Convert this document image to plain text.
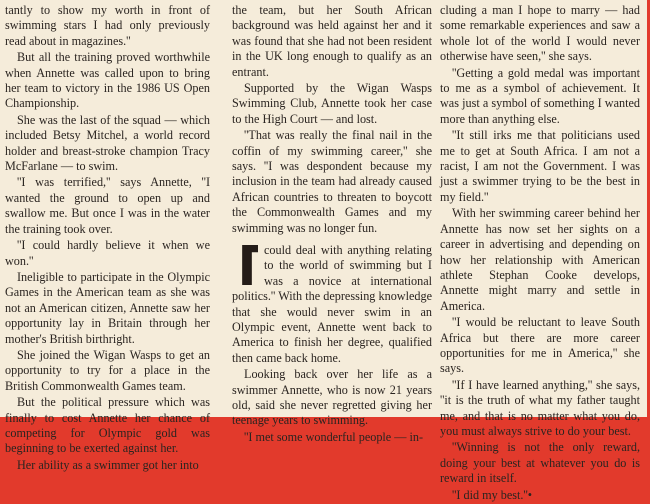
tantly to show my worth in front of swimming stars I had only previously read about in magazines.''

But all the training proved worthwhile when Annette was called upon to bring her team to victory in the 1986 US Open Championship.

She was the last of the squad — which included Betsy Mitchel, a world record holder and breast-stroke champion Tracy McFarlane — to swim.

''I was terrified,'' says Annette, ''I wanted the ground to open up and swallow me. But once I was in the water the training took over.

''I could hardly believe it when we won.''

Ineligible to participate in the Olympic Games in the American team as she was not an American citizen, Annette saw her opportunity lay in Britain through her mother's British birthright.

She joined the Wigan Wasps to get an opportunity to try for a place in the British Commonwealth Games team.

But the political pressure which was finally to cost Annette her chance of competing for Olympic gold was beginning to be exerted against her.

Her ability as a swimmer got her into

the team, but her South African background was held against her and it was found that she had not been resident in the UK long enough to qualify as an entrant.

Supported by the Wigan Wasps Swimming Club, Annette took her case to the High Court — and lost.

''That was really the final nail in the coffin of my swimming career,'' she says. ''I was despondent because my inclusion in the team had already caused African countries to threaten to boycott the Commonwealth Games and my swimming was no longer fun.

could deal with anything relating to the world of swimming but I was a novice at international politics.'' With the depressing knowledge that she would never swim in an Olympic event, Annette went back to America to finish her degree, qualified then came back home.

Looking back over her life as a swimmer Annette, who is now 21 years old, said she never regretted giving her teenage years to swimming.

''I met some wonderful people — in-

cluding a man I hope to marry — had some remarkable experiences and saw a whole lot of the world I would never otherwise have seen,'' she says.

''Getting a gold medal was important to me as a symbol of achievement. It was just a symbol of something I wanted more than anything else.

''It still irks me that politicians used me to get at South Africa. I am not a racist, I am not the Government. I was just a swimmer trying to be the best in my field.''

With her swimming career behind her Annette has now set her sights on a career in advertising and depending on how her relationship with American athlete Stephan Cooke develops, Annette might marry and settle in America.

''I would be reluctant to leave South Africa but there are more career opportunities for me in America,'' she says.

''If I have learned anything,'' she says, ''it is the truth of what my father taught me, and that is no matter what you do, you must always strive to do your best.

''Winning is not the only reward, doing your best at whatever you do is reward in itself.

''I did my best.''•
